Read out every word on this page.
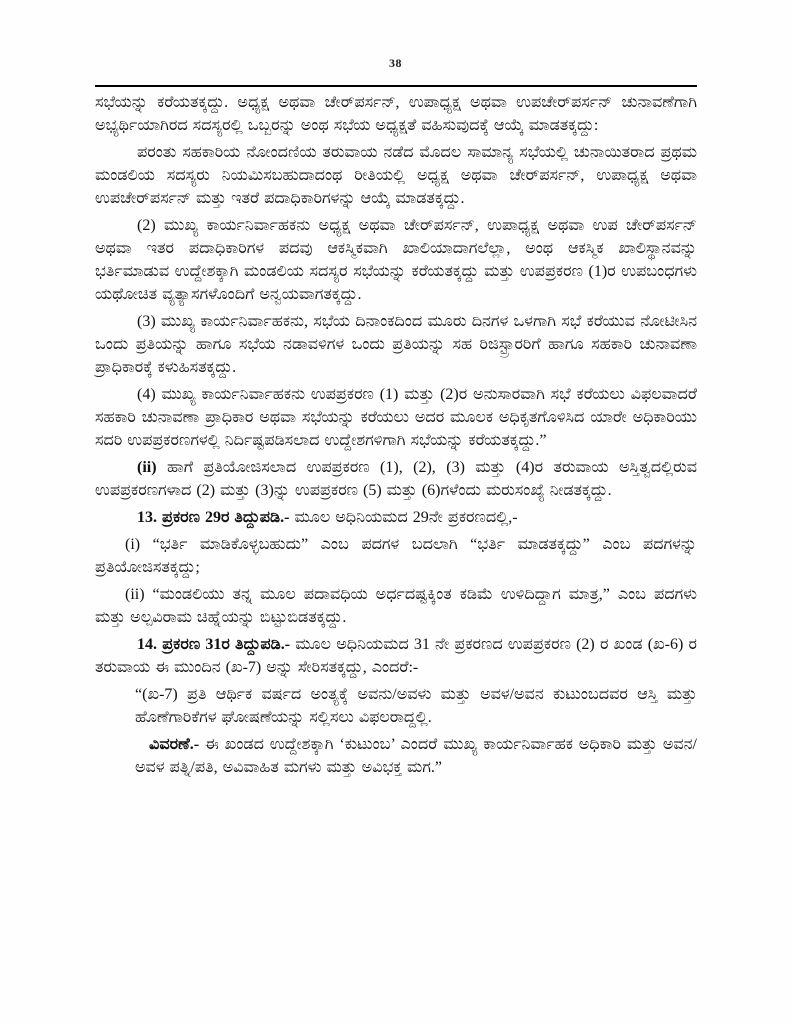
38

ಸಭೆಯನ್ನು ಕರೆಯತಕ್ಕದ್ದು. ಅಧ್ಯಕ್ಷ ಅಥವಾ ಚೇರ್‌ಪರ್ಸನ್, ಉಪಾಧ್ಯಕ್ಷ ಅಥವಾ ಉಪಚೇರ್‌ಪರ್ಸನ್ ಚುನಾವಣೆಗಾಗಿ ಅಭ್ಯರ್ಥಿಯಾಗಿರದ ಸದಸ್ಯರಲ್ಲಿ ಒಬ್ಬರನ್ನು ಅಂಥ ಸಭೆಯ ಅಧ್ಯಕ್ಷತೆ ವಹಿಸುವುದಕ್ಕೆ ಆಯ್ಕೆ ಮಾಡತಕ್ಕದ್ದು:

ಪರಂತು ಸಹಕಾರಿಯ ನೋಂದಣಿಯ ತರುವಾಯ ನಡೆದ ಮೊದಲ ಸಾಮಾನ್ಯ ಸಭೆಯಲ್ಲಿ ಚುನಾಯಿತರಾದ ಪ್ರಥಮ ಮಂಡಲಿಯ ಸದಸ್ಯರು ನಿಯಮಿಸಬಹುದಾದಂಥ ರೀತಿಯಲ್ಲಿ ಅಧ್ಯಕ್ಷ ಅಥವಾ ಚೇರ್‌ಪರ್ಸನ್, ಉಪಾಧ್ಯಕ್ಷ ಅಥವಾ ಉಪಚೇರ್‌ಪರ್ಸನ್ ಮತ್ತು ಇತರೆ ಪದಾಧಿಕಾರಿಗಳನ್ನು ಆಯ್ಕೆ ಮಾಡತಕ್ಕದ್ದು.

(2) ಮುಖ್ಯ ಕಾರ್ಯನಿರ್ವಾಹಕನು ಅಧ್ಯಕ್ಷ ಅಥವಾ ಚೇರ್‌ಪರ್ಸನ್, ಉಪಾಧ್ಯಕ್ಷ ಅಥವಾ ಉಪ ಚೇರ್‌ಪರ್ಸನ್ ಅಥವಾ ಇತರ ಪದಾಧಿಕಾರಿಗಳ ಪದವು ಆಕಸ್ಮಿಕವಾಗಿ ಖಾಲಿಯಾದಾಗಲೆಲ್ಲಾ, ಅಂಥ ಆಕಸ್ಮಿಕ ಖಾಲಿಸ್ಥಾನವನ್ನು ಭರ್ತಿಮಾಡುವ ಉದ್ದೇಶಕ್ಕಾಗಿ ಮಂಡಲಿಯ ಸದಸ್ಯರ ಸಭೆಯನ್ನು ಕರೆಯತಕ್ಕದ್ದು ಮತ್ತು ಉಪಪ್ರಕರಣ (1)ರ ಉಪಬಂಧಗಳು ಯಥೋಚಿತ ವ್ಯತ್ಯಾಸಗಳೊಂದಿಗೆ ಅನ್ವಯವಾಗತಕ್ಕದ್ದು.

(3) ಮುಖ್ಯ ಕಾರ್ಯನಿರ್ವಾಹಕನು, ಸಭೆಯ ದಿನಾಂಕದಿಂದ ಮೂರು ದಿನಗಳ ಒಳಗಾಗಿ ಸಭೆ ಕರೆಯುವ ನೋಟೀಸಿನ ಒಂದು ಪ್ರತಿಯನ್ನು ಹಾಗೂ ಸಭೆಯ ನಡಾವಳಿಗಳ ಒಂದು ಪ್ರತಿಯನ್ನು ಸಹ ರಿಜಿಸ್ಟ್ರಾರರಿಗೆ ಹಾಗೂ ಸಹಕಾರಿ ಚುನಾವಣಾ ಪ್ರಾಧಿಕಾರಕ್ಕೆ ಕಳುಹಿಸತಕ್ಕದ್ದು.

(4) ಮುಖ್ಯ ಕಾರ್ಯನಿರ್ವಾಹಕನು ಉಪಪ್ರಕರಣ (1) ಮತ್ತು (2)ರ ಅನುಸಾರವಾಗಿ ಸಭೆ ಕರೆಯಲು ವಿಫಲವಾದರೆ ಸಹಕಾರಿ ಚುನಾವಣಾ ಪ್ರಾಧಿಕಾರ ಅಥವಾ ಸಭೆಯನ್ನು ಕರೆಯಲು ಅದರ ಮೂಲಕ ಅಧಿಕೃತಗೊಳಿಸಿದ ಯಾರೇ ಅಧಿಕಾರಿಯು ಸದರಿ ಉಪಪ್ರಕರಣಗಳಲ್ಲಿ ನಿರ್ದಿಷ್ಟಪಡಿಸಲಾದ ಉದ್ದೇಶಗಳಿಗಾಗಿ ಸಭೆಯನ್ನು ಕರೆಯತಕ್ಕದ್ದು.”

(ii) ಹಾಗೆ ಪ್ರತಿಯೋಜಿಸಲಾದ ಉಪಪ್ರಕರಣ (1), (2), (3) ಮತ್ತು (4)ರ ತರುವಾಯ ಅಸ್ತಿತ್ವದಲ್ಲಿರುವ ಉಪಪ್ರಕರಣಗಳಾದ (2) ಮತ್ತು (3)ನ್ನು ಉಪಪ್ರಕರಣ (5) ಮತ್ತು (6)ಗಳೆಂದು ಮರುಸಂಖ್ಯೆ ನೀಡತಕ್ಕದ್ದು.

13. ಪ್ರಕರಣ 29ರ ತಿದ್ದುಪಡಿ.- ಮೂಲ ಅಧಿನಿಯಮದ 29ನೇ ಪ್ರಕರಣದಲ್ಲಿ,-

(i) “ಭರ್ತಿ ಮಾಡಿಕೊಳ್ಳಬಹುದು” ಎಂಬ ಪದಗಳ ಬದಲಾಗಿ “ಭರ್ತಿ ಮಾಡತಕ್ಕದ್ದು” ಎಂಬ ಪದಗಳನ್ನು ಪ್ರತಿಯೋಜಿಸತಕ್ಕದ್ದು;

(ii) “ಮಂಡಲಿಯು ತನ್ನ ಮೂಲ ಪದಾವಧಿಯ ಅರ್ಧದಷ್ಟಕ್ಕಿಂತ ಕಡಿಮೆ ಉಳಿದಿದ್ದಾಗ ಮಾತ್ರ,” ಎಂಬ ಪದಗಳು ಮತ್ತು ಅಲ್ಪವಿರಾಮ ಚಿಹ್ನೆಯನ್ನು ಬಿಟ್ಟುಬಿಡತಕ್ಕದ್ದು.

14. ಪ್ರಕರಣ 31ರ ತಿದ್ದುಪಡಿ.- ಮೂಲ ಅಧಿನಿಯಮದ 31 ನೇ ಪ್ರಕರಣದ ಉಪಪ್ರಕರಣ (2) ರ ಖಂಡ (ಖ-6) ರ ತರುವಾಯ ಈ ಮುಂದಿನ (ಖ-7) ಅನ್ನು ಸೇರಿಸತಕ್ಕದ್ದು, ಎಂದರೆ:-

“(ಖ-7) ಪ್ರತಿ ಆರ್ಥಿಕ ವರ್ಷದ ಅಂತ್ಯಕ್ಕೆ ಅವನು/ಅವಳು ಮತ್ತು ಅವಳ/ಅವನ ಕುಟುಂಬದವರ ಆಸ್ತಿ ಮತ್ತು ಹೊಣೆಗಾರಿಕೆಗಳ ಘೋಷಣೆಯನ್ನು ಸಲ್ಲಿಸಲು ವಿಫಲರಾದ್ದಲ್ಲಿ.

ವಿವರಣೆ.- ಈ ಖಂಡದ ಉದ್ದೇಶಕ್ಕಾಗಿ ‘ಕುಟುಂಬ’ ಎಂದರೆ ಮುಖ್ಯ ಕಾರ್ಯನಿರ್ವಾಹಕ ಅಧಿಕಾರಿ ಮತ್ತು ಅವನ/ಅವಳ ಪತ್ನಿ/ಪತಿ, ಅವಿವಾಹಿತ ಮಗಳು ಮತ್ತು ಅವಿಭಕ್ತ ಮಗ.”
